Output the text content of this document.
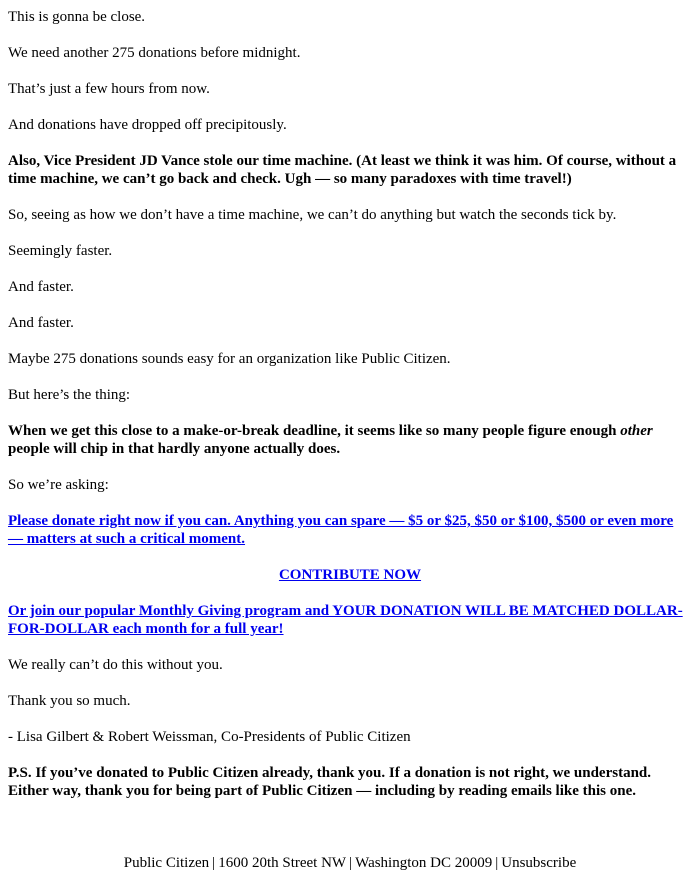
This is gonna be close.

We need another 275 donations before midnight.

That’s just a few hours from now.

And donations have dropped off precipitously.

Also, Vice President JD Vance stole our time machine. (At least we think it was him. Of course, without a time machine, we can’t go back and check. Ugh — so many paradoxes with time travel!)

So, seeing as how we don’t have a time machine, we can’t do anything but watch the seconds tick by.

Seemingly faster.

And faster.

And faster.

Maybe 275 donations sounds easy for an organization like Public Citizen.

But here’s the thing:

When we get this close to a make-or-break deadline, it seems like so many people figure enough other people will chip in that hardly anyone actually does.

So we’re asking:

Please donate right now if you can. Anything you can spare — $5 or $25, $50 or $100, $500 or even more — matters at such a critical moment.

CONTRIBUTE NOW

Or join our popular Monthly Giving program and YOUR DONATION WILL BE MATCHED DOLLAR-FOR-DOLLAR each month for a full year!

We really can’t do this without you.

Thank you so much.

- Lisa Gilbert & Robert Weissman, Co-Presidents of Public Citizen

P.S. If you’ve donated to Public Citizen already, thank you. If a donation is not right, we understand. Either way, thank you for being part of Public Citizen — including by reading emails like this one.

Public Citizen | 1600 20th Street NW | Washington DC 20009 | Unsubscribe
